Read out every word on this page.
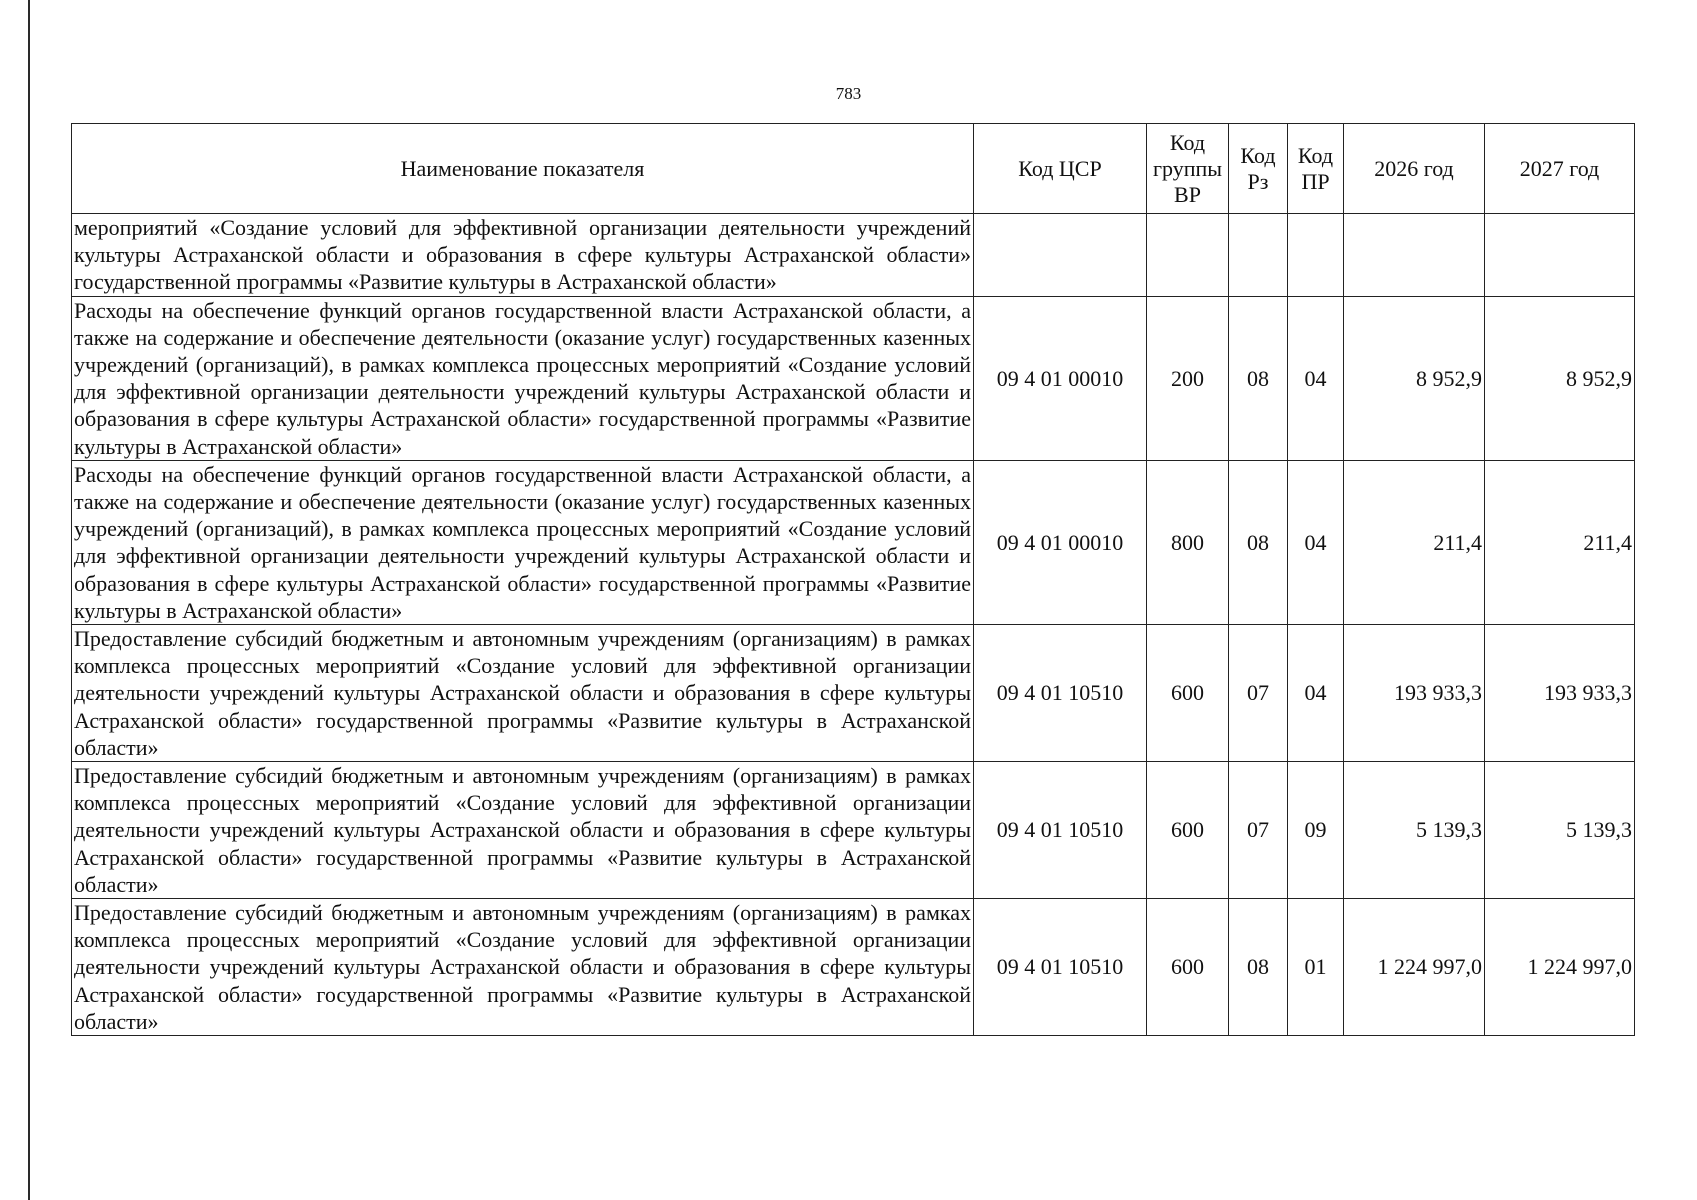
783
Наименование показателя	Код ЦСР	Код группы ВР	Код Рз	Код ПР	2026 год	2027 год
мероприятий «Создание условий для эффективной организации деятельности учреждений культуры Астраханской области и образования в сфере культуры Астраханской области» государственной программы «Развитие культуры в Астраханской области»						
Расходы на обеспечение функций органов государственной власти Астраханской области, а также на содержание и обеспечение деятельности (оказание услуг) государственных казенных учреждений (организаций), в рамках комплекса процессных мероприятий «Создание условий для эффективной организации деятельности учреждений культуры Астраханской области и образования в сфере культуры Астраханской области» государственной программы «Развитие культуры в Астраханской области»	09 4 01 00010	200	08	04	8 952,9	8 952,9
Расходы на обеспечение функций органов государственной власти Астраханской области, а также на содержание и обеспечение деятельности (оказание услуг) государственных казенных учреждений (организаций), в рамках комплекса процессных мероприятий «Создание условий для эффективной организации деятельности учреждений культуры Астраханской области и образования в сфере культуры Астраханской области» государственной программы «Развитие культуры в Астраханской области»	09 4 01 00010	800	08	04	211,4	211,4
Предоставление субсидий бюджетным и автономным учреждениям (организациям) в рамках комплекса процессных мероприятий «Создание условий для эффективной организации деятельности учреждений культуры Астраханской области и образования в сфере культуры Астраханской области» государственной программы «Развитие культуры в Астраханской области»	09 4 01 10510	600	07	04	193 933,3	193 933,3
Предоставление субсидий бюджетным и автономным учреждениям (организациям) в рамках комплекса процессных мероприятий «Создание условий для эффективной организации деятельности учреждений культуры Астраханской области и образования в сфере культуры Астраханской области» государственной программы «Развитие культуры в Астраханской области»	09 4 01 10510	600	07	09	5 139,3	5 139,3
Предоставление субсидий бюджетным и автономным учреждениям (организациям) в рамках комплекса процессных мероприятий «Создание условий для эффективной организации деятельности учреждений культуры Астраханской области и образования в сфере культуры Астраханской области» государственной программы «Развитие культуры в Астраханской области»	09 4 01 10510	600	08	01	1 224 997,0	1 224 997,0
